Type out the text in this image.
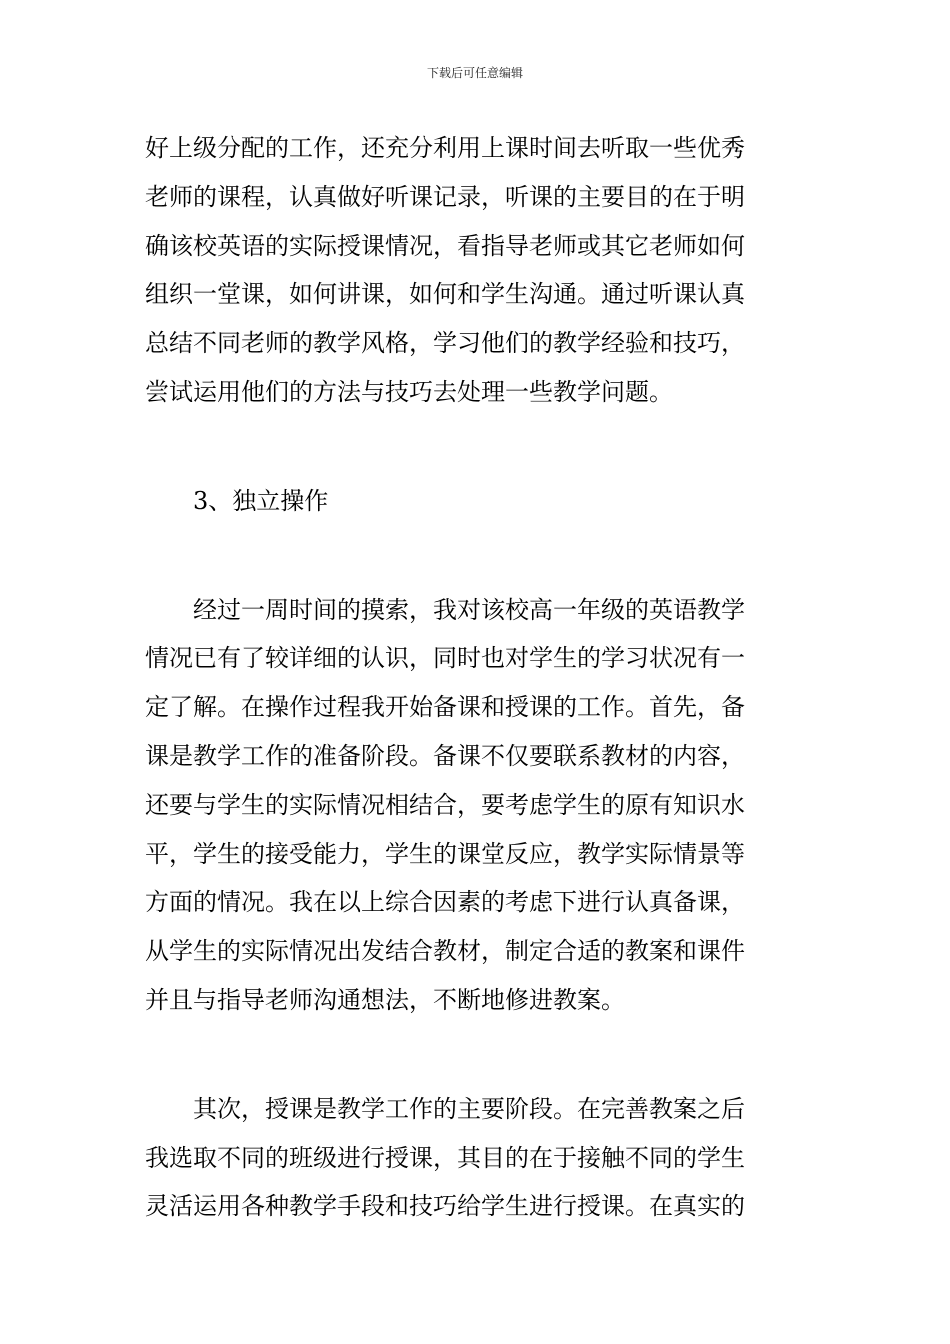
下载后可任意编辑
好上级分配的工作，还充分利用上课时间去听取一些优秀
老师的课程，认真做好听课记录，听课的主要目的在于明
确该校英语的实际授课情况，看指导老师或其它老师如何
组织一堂课，如何讲课，如何和学生沟通。通过听课认真
总结不同老师的教学风格，学习他们的教学经验和技巧，
尝试运用他们的方法与技巧去处理一些教学问题。
3、独立操作
经过一周时间的摸索，我对该校高一年级的英语教学
情况已有了较详细的认识，同时也对学生的学习状况有一
定了解。在操作过程我开始备课和授课的工作。首先，备
课是教学工作的准备阶段。备课不仅要联系教材的内容，
还要与学生的实际情况相结合，要考虑学生的原有知识水
平，学生的接受能力，学生的课堂反应，教学实际情景等
方面的情况。我在以上综合因素的考虑下进行认真备课，
从学生的实际情况出发结合教材，制定合适的教案和课件
并且与指导老师沟通想法，不断地修进教案。
其次，授课是教学工作的主要阶段。在完善教案之后
我选取不同的班级进行授课，其目的在于接触不同的学生
灵活运用各种教学手段和技巧给学生进行授课。在真实的
